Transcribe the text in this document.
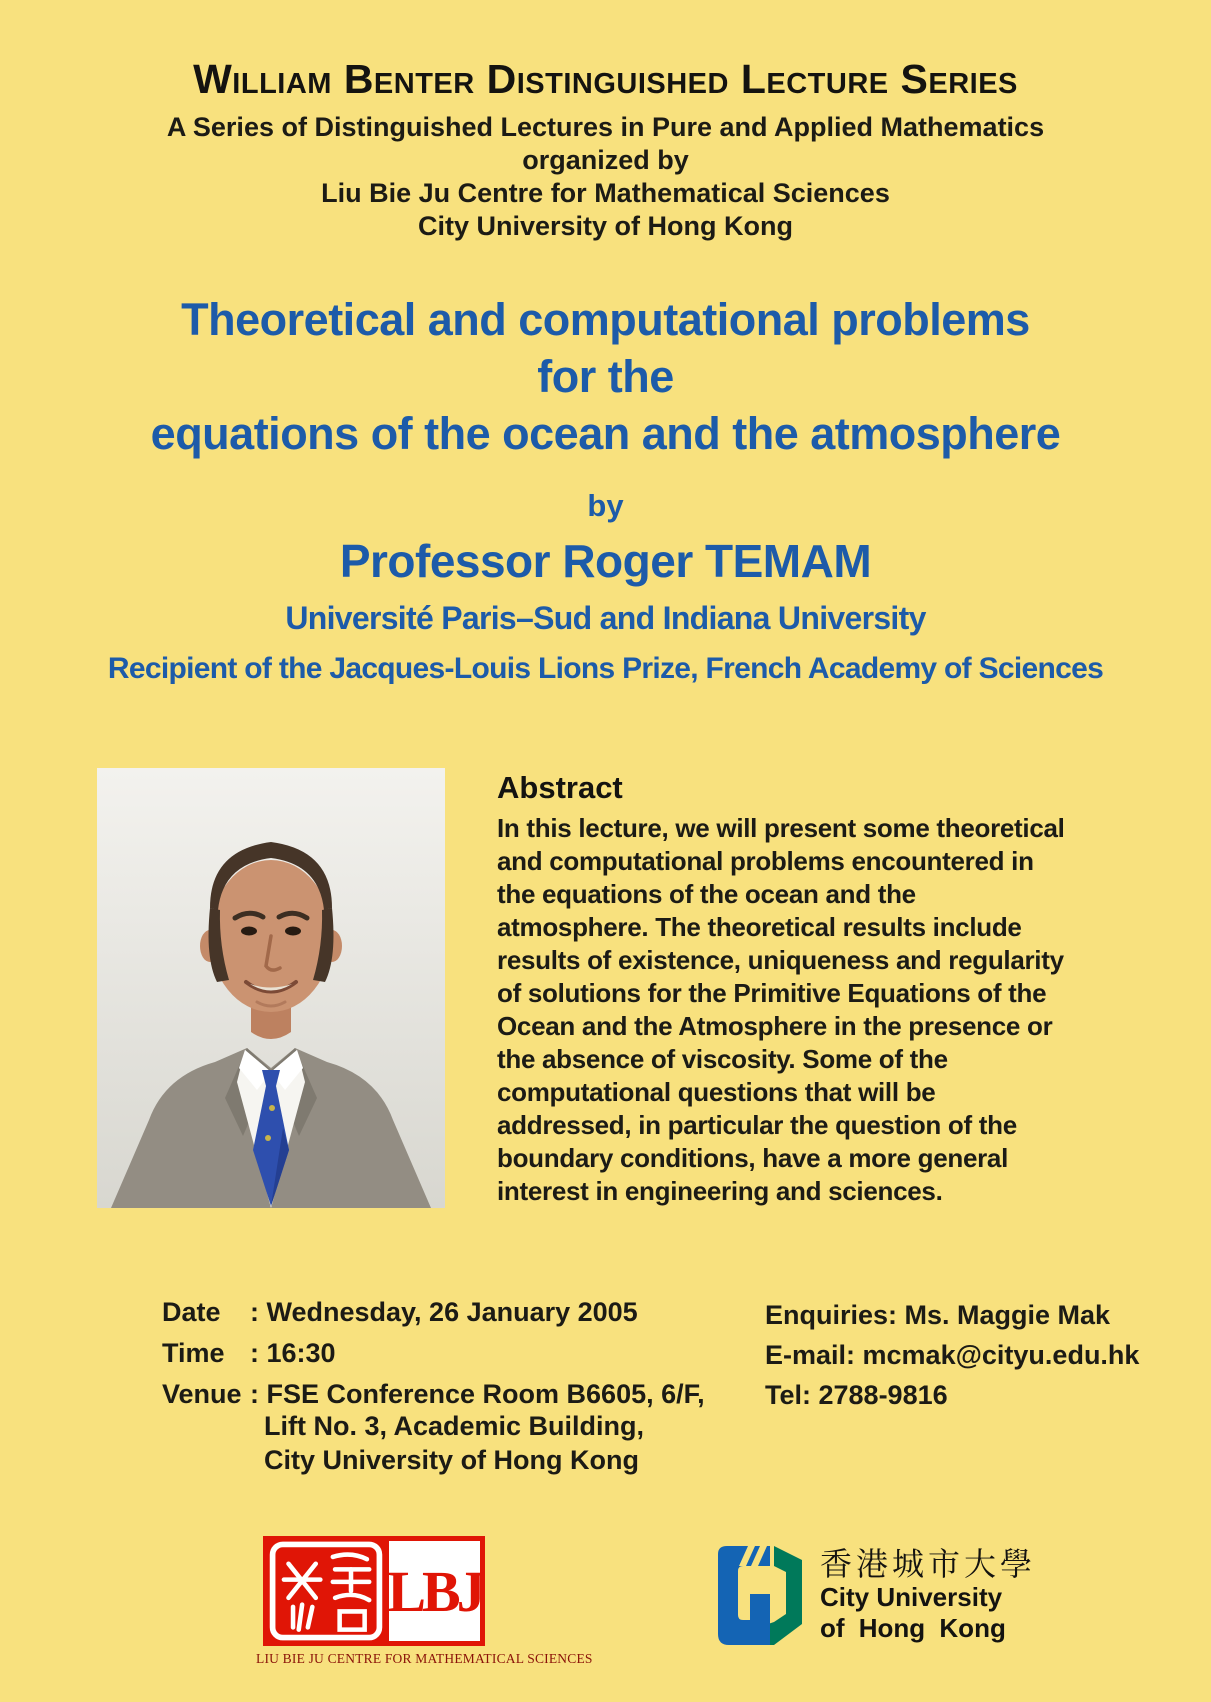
William Benter Distinguished Lecture Series
A Series of Distinguished Lectures in Pure and Applied Mathematics
organized by
Liu Bie Ju Centre for Mathematical Sciences
City University of Hong Kong
Theoretical and computational problems
for the
equations of the ocean and the atmosphere
by
Professor Roger TEMAM
Université Paris–Sud and Indiana University
Recipient of the Jacques-Louis Lions Prize, French Academy of Sciences
Abstract
In this lecture, we will present some theoretical and computational problems encountered in the equations of the ocean and the atmosphere. The theoretical results include results of existence, uniqueness and regularity of solutions for the Primitive Equations of the Ocean and the Atmosphere in the presence or the absence of viscosity. Some of the computational questions that will be addressed, in particular the question of the boundary conditions, have a more general interest in engineering and sciences.
Date	: Wednesday, 26 January 2005
Time : 16:30
Venue : FSE Conference Room B6605, 6/F,
Lift No. 3, Academic Building,
City University of Hong Kong
Enquiries: Ms. Maggie Mak
E-mail: mcmak@cityu.edu.hk
Tel: 2788-9816
LBJ
LIU BIE JU CENTRE FOR MATHEMATICAL SCIENCES
香港城市大學
City University
of Hong Kong
